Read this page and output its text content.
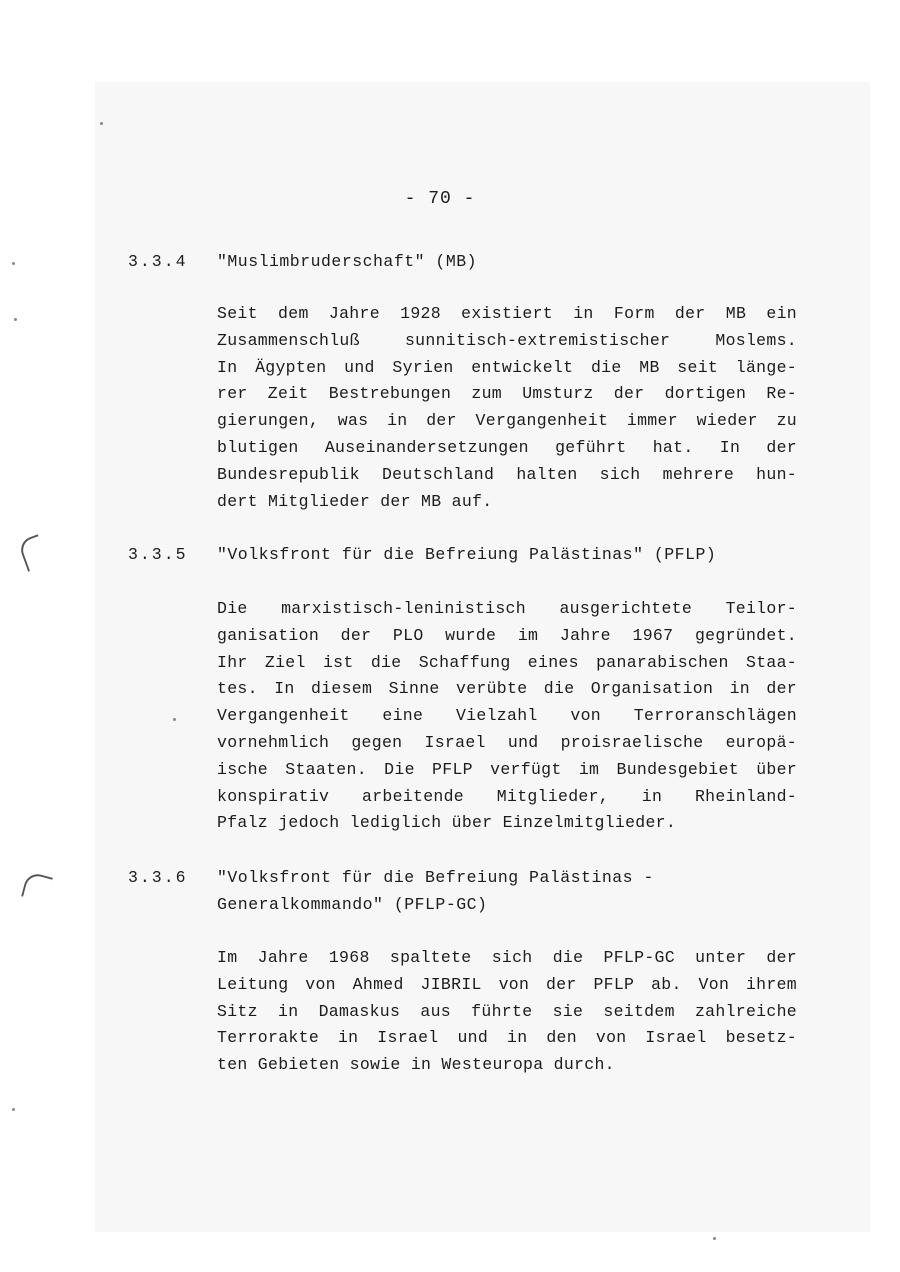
- 70 -
3.3.4 "Muslimbruderschaft" (MB)
Seit dem Jahre 1928 existiert in Form der MB ein
Zusammenschluß sunnitisch-extremistischer Moslems.
In Ägypten und Syrien entwickelt die MB seit länge-
rer Zeit Bestrebungen zum Umsturz der dortigen Re-
gierungen, was in der Vergangenheit immer wieder zu
blutigen Auseinandersetzungen geführt hat. In der
Bundesrepublik Deutschland halten sich mehrere hun-
dert Mitglieder der MB auf.
3.3.5 "Volksfront für die Befreiung Palästinas" (PFLP)
Die marxistisch-leninistisch ausgerichtete Teilor-
ganisation der PLO wurde im Jahre 1967 gegründet.
Ihr Ziel ist die Schaffung eines panarabischen Staa-
tes. In diesem Sinne verübte die Organisation in der
Vergangenheit eine Vielzahl von Terroranschlägen
vornehmlich gegen Israel und proisraelische europä-
ische Staaten. Die PFLP verfügt im Bundesgebiet über
konspirativ arbeitende Mitglieder, in Rheinland-
Pfalz jedoch lediglich über Einzelmitglieder.
3.3.6 "Volksfront für die Befreiung Palästinas -
Generalkommando" (PFLP-GC)
Im Jahre 1968 spaltete sich die PFLP-GC unter der
Leitung von Ahmed JIBRIL von der PFLP ab. Von ihrem
Sitz in Damaskus aus führte sie seitdem zahlreiche
Terrorakte in Israel und in den von Israel besetz-
ten Gebieten sowie in Westeuropa durch.
